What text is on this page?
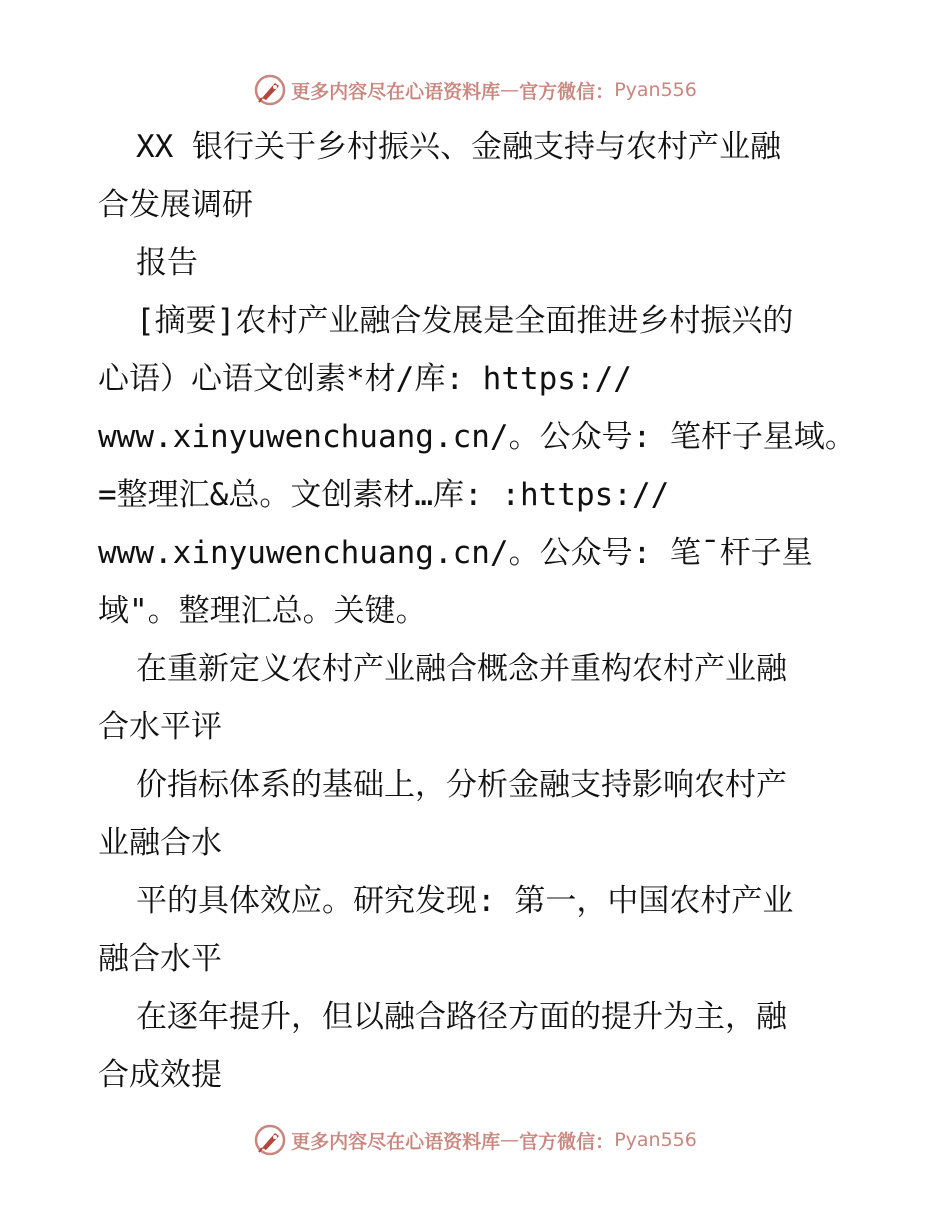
更多内容尽在心语资料库 — 官方微信： Pyan556
XX 银行关于乡村振兴、金融支持与农村产业融
合发展调研
报告
[摘要]农村产业融合发展是全面推进乡村振兴的
心语）心语文创素*材/库: https://
www.xinyuwenchuang.cn/。公众号: 笔杆子星域。
=整理汇&总。文创素材…库: :https://
www.xinyuwenchuang.cn/。公众号: 笔¯杆子星
域"。整理汇总。关键。
在重新定义农村产业融合概念并重构农村产业融
合水平评
价指标体系的基础上，分析金融支持影响农村产
业融合水
平的具体效应。研究发现: 第一，中国农村产业
融合水平
在逐年提升，但以融合路径方面的提升为主，融
合成效提
更多内容尽在心语资料库 — 官方微信： Pyan556
